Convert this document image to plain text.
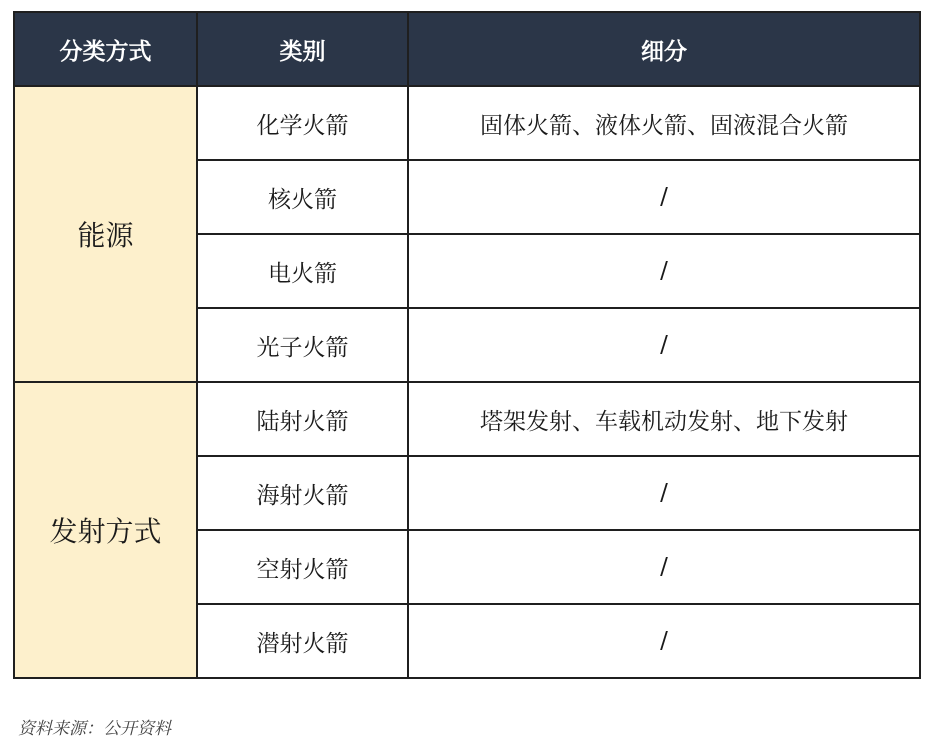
分类方式	类别	细分
能源	化学火箭	固体火箭、液体火箭、固液混合火箭
	核火箭	/
	电火箭	/
	光子火箭	/
发射方式	陆射火箭	塔架发射、车载机动发射、地下发射
	海射火箭	/
	空射火箭	/
	潜射火箭	/
资料来源：公开资料
